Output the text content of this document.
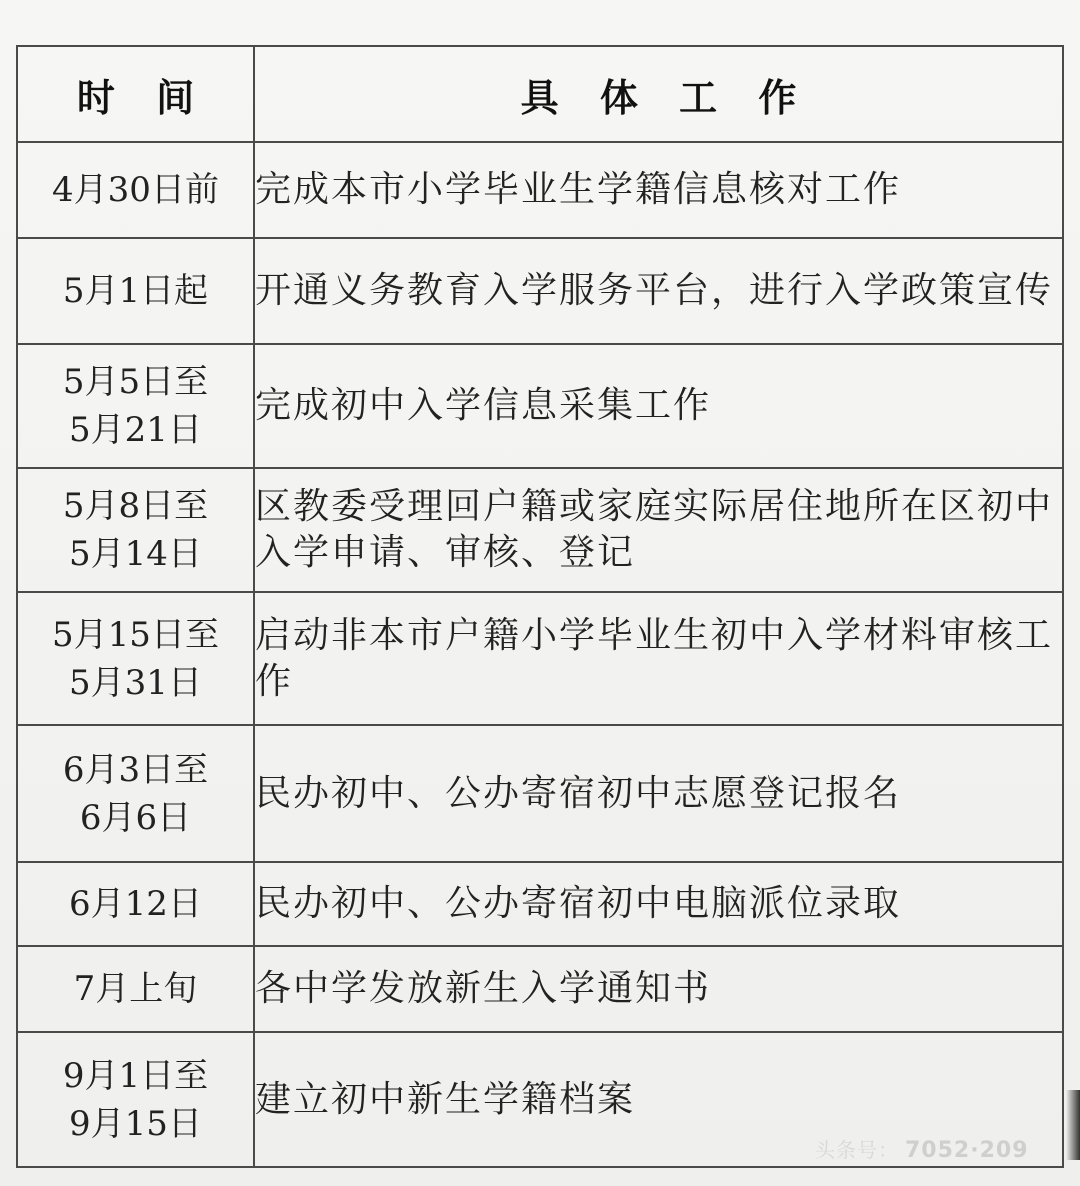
时 间	具 体 工 作

4月30日前	完成本市小学毕业生学籍信息核对工作

5月1日起	开通义务教育入学服务平台，进行入学政策宣传

5月5日至
5月21日	完成初中入学信息采集工作

5月8日至
5月14日	区教委受理回户籍或家庭实际居住地所在区初中入学申请、审核、登记

5月15日至
5月31日	启动非本市户籍小学毕业生初中入学材料审核工作

6月3日至
6月6日	民办初中、公办寄宿初中志愿登记报名

6月12日	民办初中、公办寄宿初中电脑派位录取

7月上旬	各中学发放新生入学通知书

9月1日至
9月15日	建立初中新生学籍档案
头条号： 7052·209
